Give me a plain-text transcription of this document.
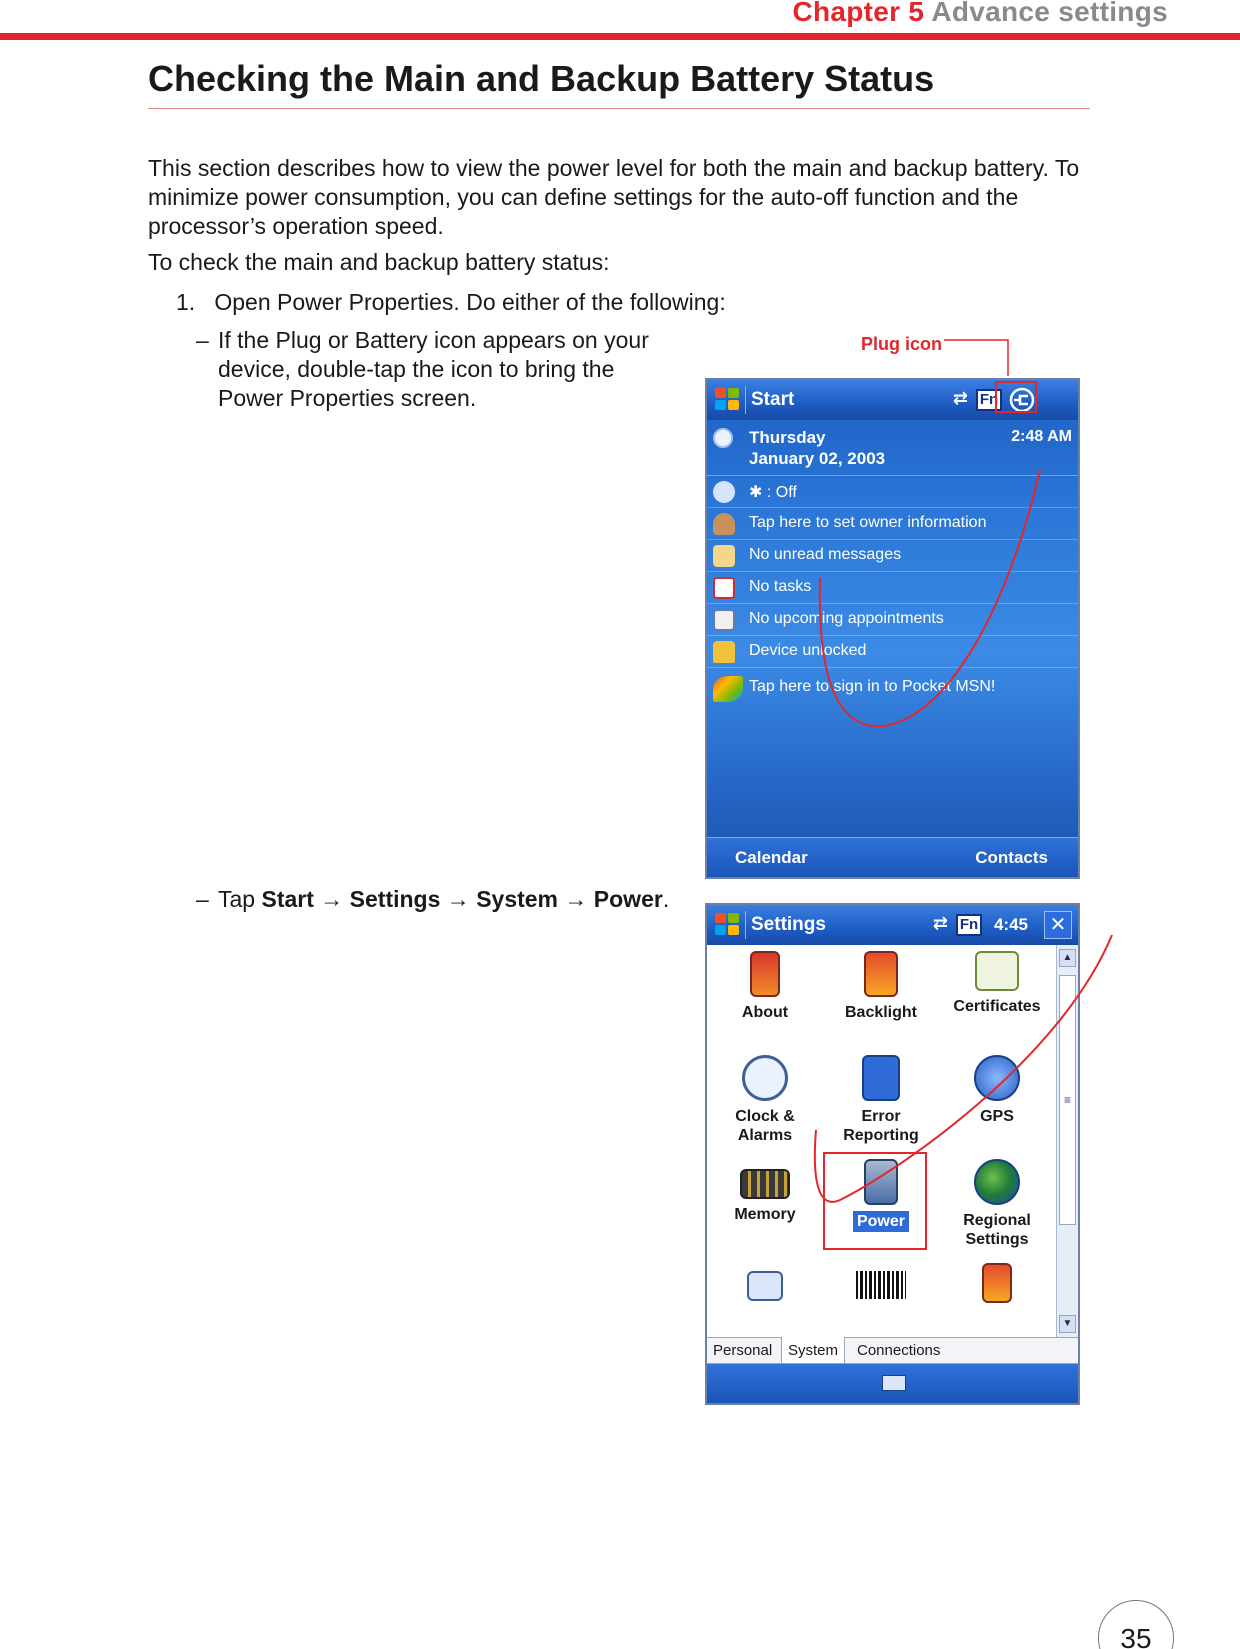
Chapter 5 Advance settings
Checking the Main and Backup Battery Status
This section describes how to view the power level for both the main and backup battery. To minimize power consumption, you can define settings for the auto-off function and the processor’s operation speed.
To check the main and backup battery status:
1. Open Power Properties. Do either of the following:
– If the Plug or Battery icon appears on your device, double-tap the icon to bring the Power Properties screen.
– Tap Start → Settings → System → Power.
Plug icon
Start	⇄ Fn
Thursday
January 02, 2003
2:48 AM
✱ : Off
Tap here to set owner information
No unread messages
No tasks
No upcoming appointments
Device unlocked
Tap here to sign in to Pocket MSN!
Calendar	Contacts
Settings	⇄ Fn 4:45 ✕
About	Backlight	Certificates
Clock & Alarms
Error Reporting
GPS
Memory	Power	Regional Settings
▲
≡
▼
Personal	System	Connections
35
